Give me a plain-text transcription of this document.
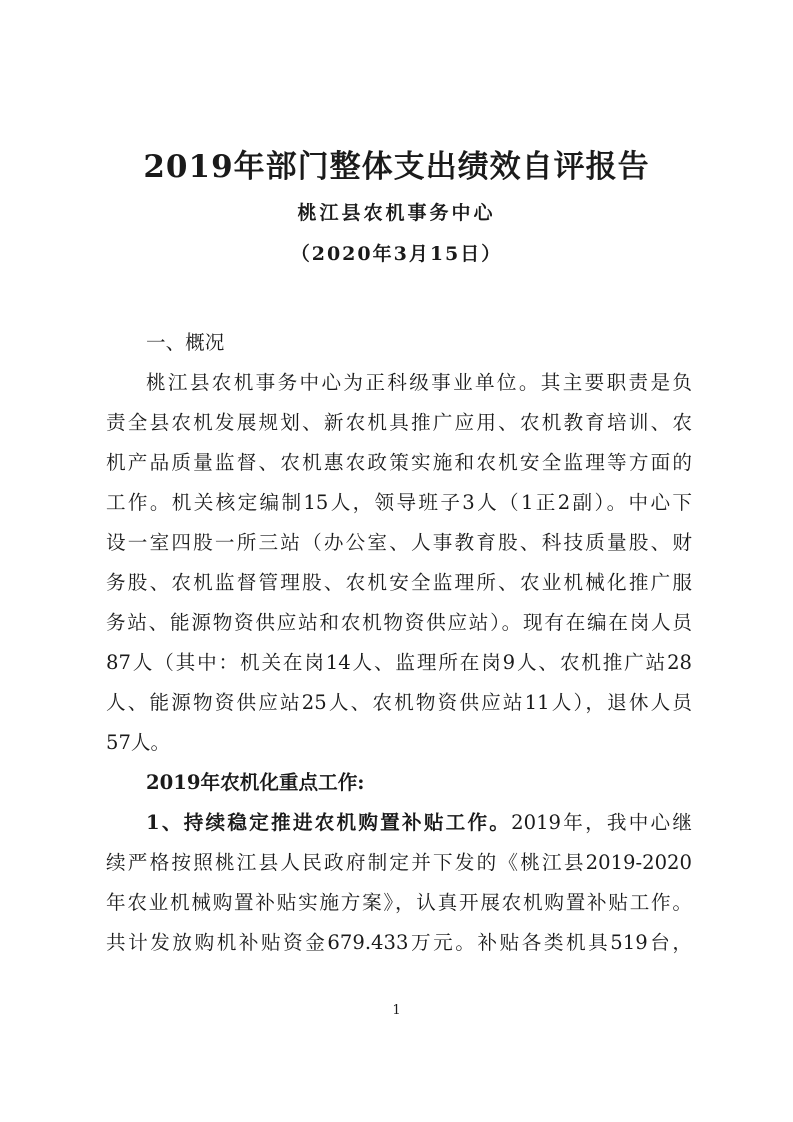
2019年部门整体支出绩效自评报告
桃江县农机事务中心
（2020年3月15日）
一、概况
桃江县农机事务中心为正科级事业单位。其主要职责是负
责全县农机发展规划、新农机具推广应用、农机教育培训、农
机产品质量监督、农机惠农政策实施和农机安全监理等方面的
工作。机关核定编制15人，领导班子3人（1正2副）。中心下
设一室四股一所三站（办公室、人事教育股、科技质量股、财
务股、农机监督管理股、农机安全监理所、农业机械化推广服
务站、能源物资供应站和农机物资供应站）。现有在编在岗人员
87人（其中：机关在岗14人、监理所在岗9人、农机推广站28
人、能源物资供应站25人、农机物资供应站11人），退休人员
57人。
2019年农机化重点工作:
1、持续稳定推进农机购置补贴工作。2019年，我中心继
续严格按照桃江县人民政府制定并下发的《桃江县2019-2020
年农业机械购置补贴实施方案》，认真开展农机购置补贴工作。
共计发放购机补贴资金679.433万元。补贴各类机具519台，
1
